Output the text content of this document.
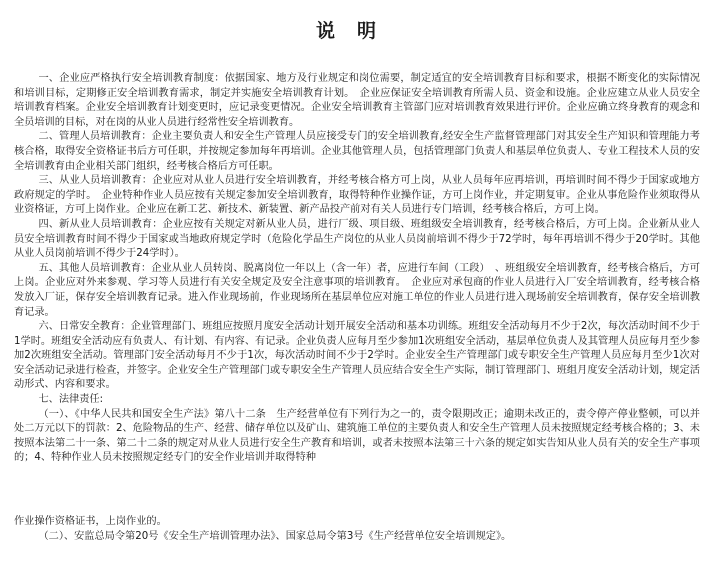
说明

一、企业应严格执行安全培训教育制度：依据国家、地方及行业规定和岗位需要，制定适宜的安全培训教育目标和要求，根据不断变化的实际情况和培训目标，定期修正安全培训教育需求，制定并实施安全培训教育计划。　企业应保证安全培训教育所需人员、资金和设施。企业应建立从业人员安全培训教育档案。企业安全培训教育计划变更时，应记录变更情况。企业安全培训教育主管部门应对培训教育效果进行评价。企业应确立终身教育的观念和全员培训的目标，对在岗的从业人员进行经常性安全培训教育。

二、管理人员培训教育：企业主要负责人和安全生产管理人员应接受专门的安全培训教育,经安全生产监督管理部门对其安全生产知识和管理能力考核合格，取得安全资格证书后方可任职，并按规定参加每年再培训。企业其他管理人员，包括管理部门负责人和基层单位负责人、专业工程技术人员的安全培训教育由企业相关部门组织，经考核合格后方可任职。

三、从业人员培训教育：企业应对从业人员进行安全培训教育，并经考核合格方可上岗，从业人员每年应再培训，再培训时间不得少于国家或地方政府规定的学时。　企业特种作业人员应按有关规定参加安全培训教育，取得特种作业操作证，方可上岗作业，并定期复审。企业从事危险作业须取得从业资格证，方可上岗作业。企业应在新工艺、新技术、新装置、新产品投产前对有关人员进行专门培训，经考核合格后，方可上岗。

四、新从业人员培训教育：企业应按有关规定对新从业人员，进行厂级、项目级、班组级安全培训教育，经考核合格后，方可上岗。企业新从业人员安全培训教育时间不得少于国家或当地政府规定学时（危险化学品生产岗位的从业人员岗前培训不得少于72学时，每年再培训不得少于20学时。其他从业人员岗前培训不得少于24学时）。

五、其他人员培训教育：企业从业人员转岗、脱离岗位一年以上（含一年）者，应进行车间（工段）　、班组级安全培训教育，经考核合格后，方可上岗。企业应对外来参观、学习等人员进行有关安全规定及安全注意事项的培训教育。　企业应对承包商的作业人员进行入厂安全培训教育，经考核合格发放入厂证，保存安全培训教育记录。进入作业现场前，作业现场所在基层单位应对施工单位的作业人员进行进入现场前安全培训教育，保存安全培训教育记录。

六、日常安全教育：企业管理部门、班组应按照月度安全活动计划开展安全活动和基本功训练。班组安全活动每月不少于2次，每次活动时间不少于1学时。班组安全活动应有负责人、有计划、有内容、有记录。企业负责人应每月至少参加1次班组安全活动，基层单位负责人及其管理人员应每月至少参加2次班组安全活动。管理部门安全活动每月不少于1次，每次活动时间不少于2学时。企业安全生产管理部门或专职安全生产管理人员应每月至少1次对安全活动记录进行检查，并签字。企业安全生产管理部门或专职安全生产管理人员应结合安全生产实际，制订管理部门、班组月度安全活动计划，规定活动形式、内容和要求。

七、法律责任:

（一）、《中华人民共和国安全生产法》第八十二条　生产经营单位有下列行为之一的，责令限期改正；逾期未改正的，责令停产停业整顿，可以并处二万元以下的罚款：2、危险物品的生产、经营、储存单位以及矿山、建筑施工单位的主要负责人和安全生产管理人员未按照规定经考核合格的；3、未按照本法第二十一条、第二十二条的规定对从业人员进行安全生产教育和培训，或者未按照本法第三十六条的规定如实告知从业人员有关的安全生产事项的；4、特种作业人员未按照规定经专门的安全作业培训并取得特种

作业操作资格证书，上岗作业的。

（二）、安监总局令第20号《安全生产培训管理办法》、国家总局令第3号《生产经营单位安全培训规定》。
